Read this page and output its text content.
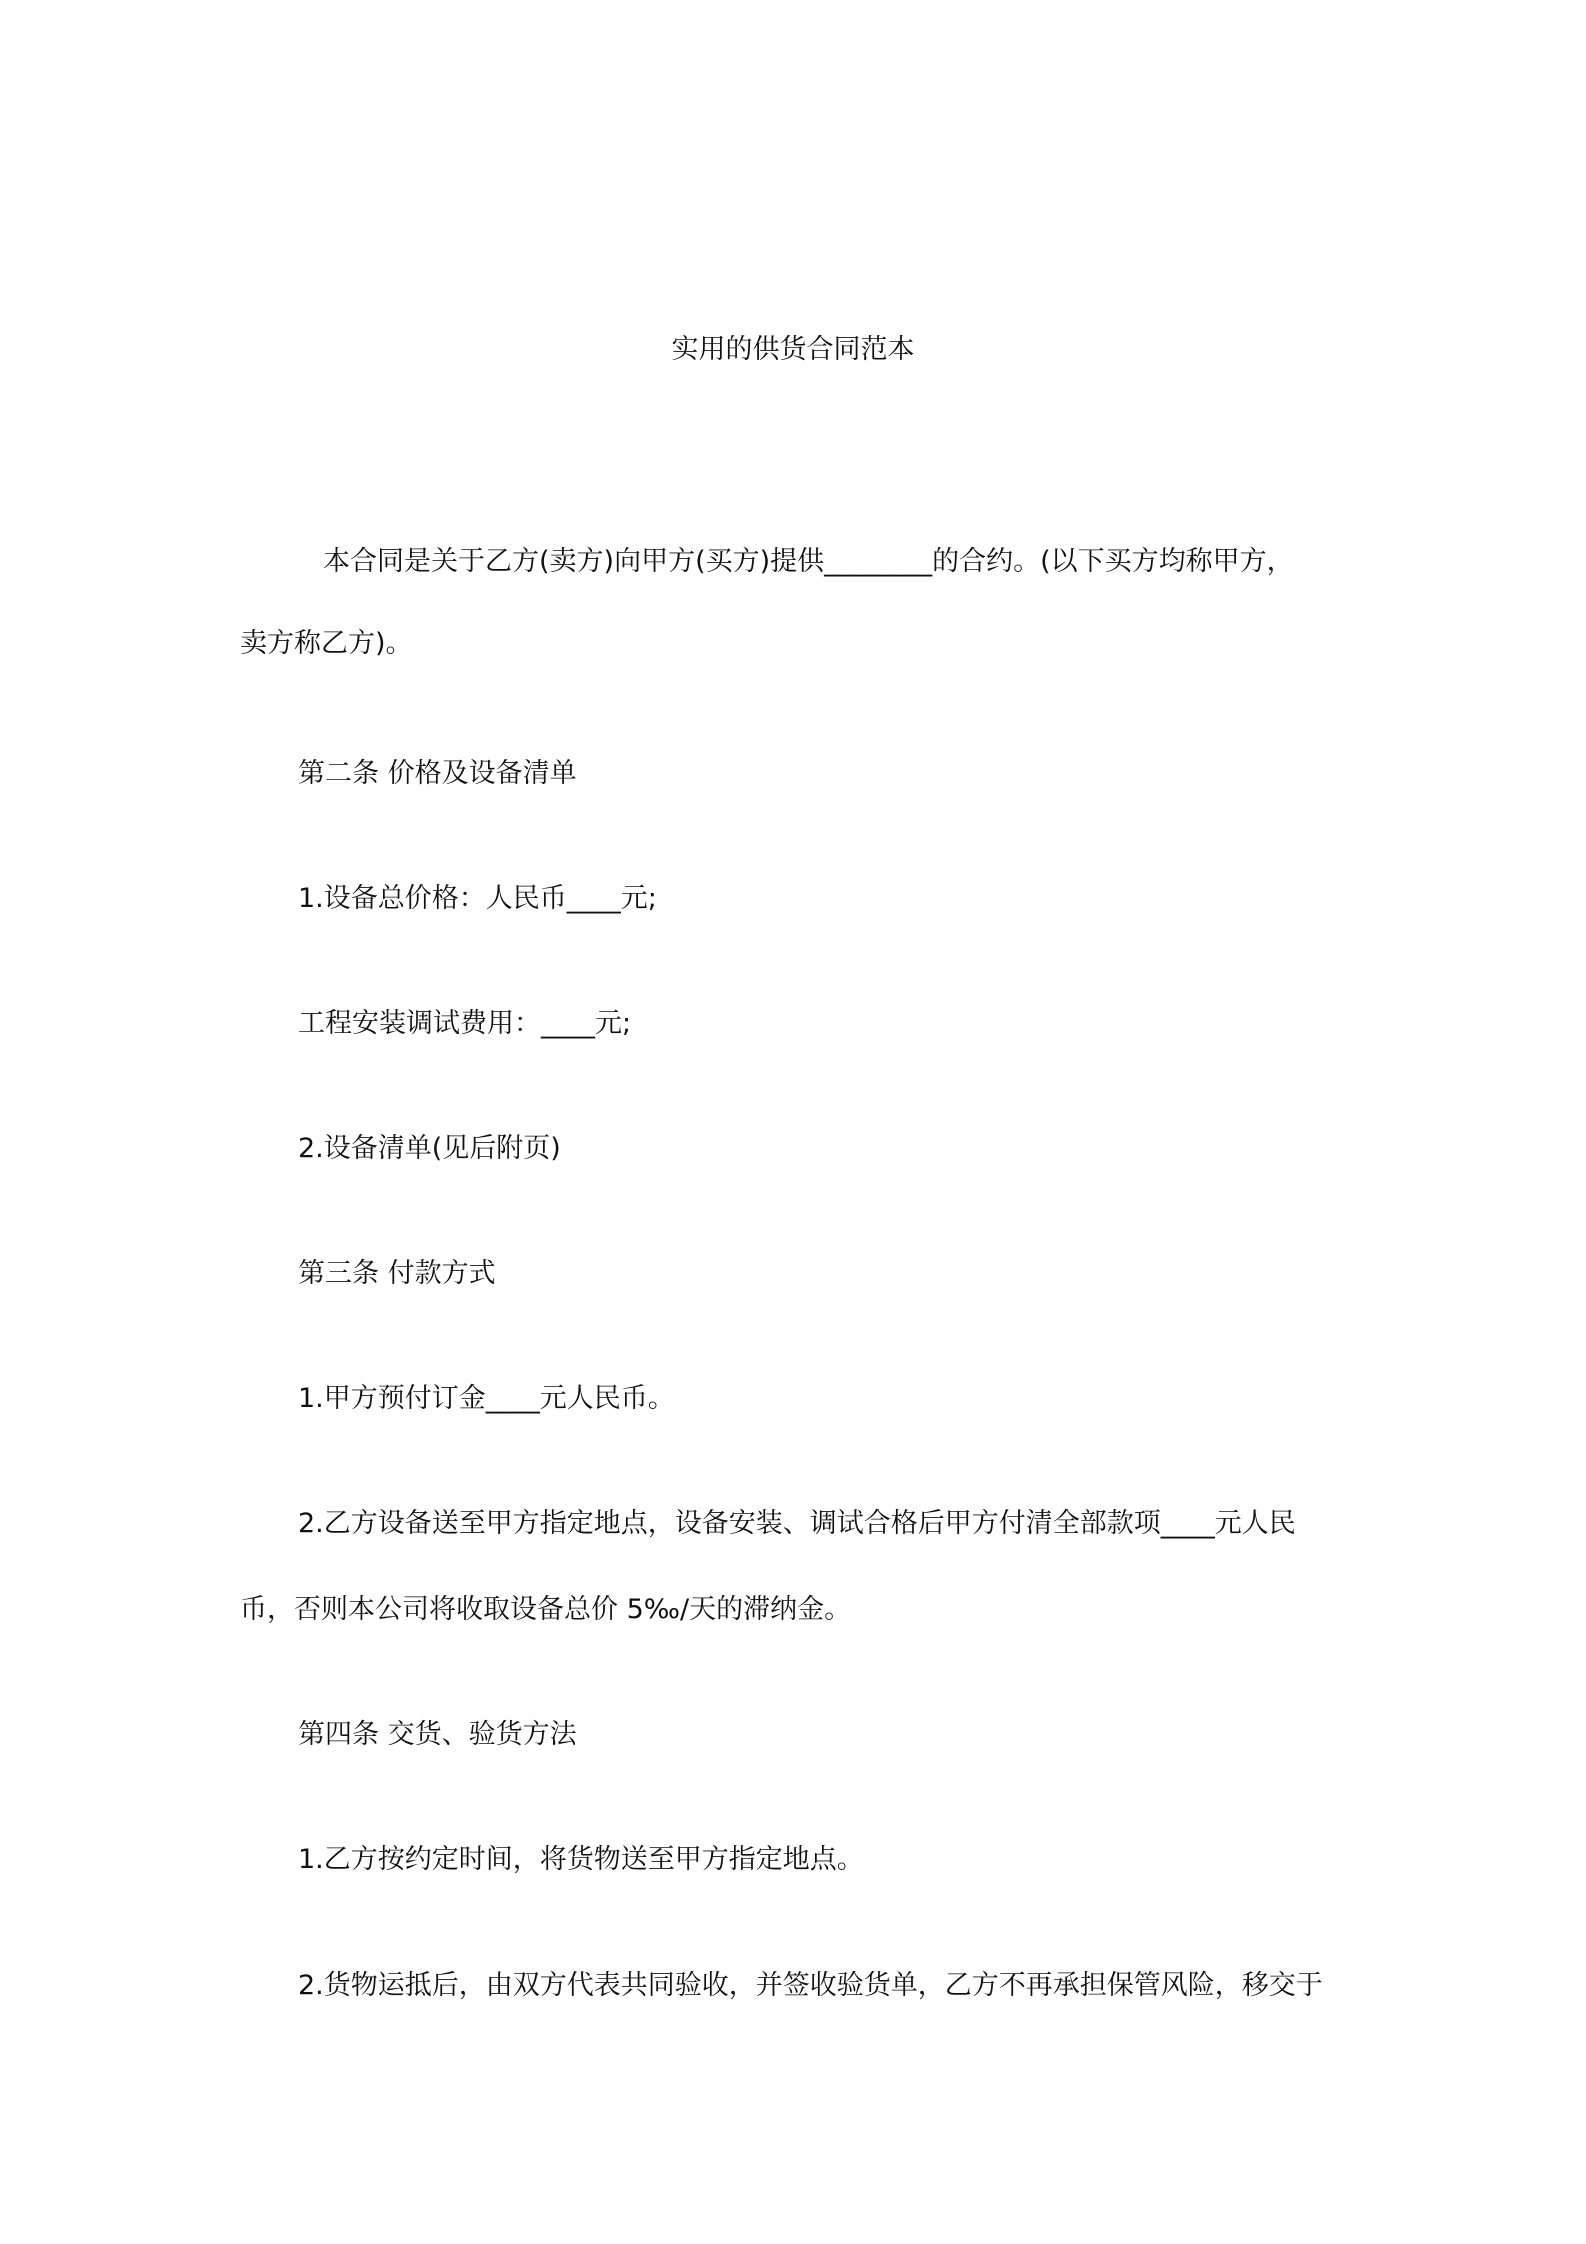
实用的供货合同范本
本合同是关于乙方(卖方)向甲方(买方)提供________的合约。(以下买方均称甲方，
卖方称乙方)。
第二条 价格及设备清单
1.设备总价格：人民币____元;
工程安装调试费用：____元;
2.设备清单(见后附页)
第三条 付款方式
1.甲方预付订金____元人民币。
2.乙方设备送至甲方指定地点，设备安装、调试合格后甲方付清全部款项____元人民
币，否则本公司将收取设备总价 5‰/天的滞纳金。
第四条 交货、验货方法
1.乙方按约定时间，将货物送至甲方指定地点。
2.货物运抵后，由双方代表共同验收，并签收验货单，乙方不再承担保管风险，移交于
